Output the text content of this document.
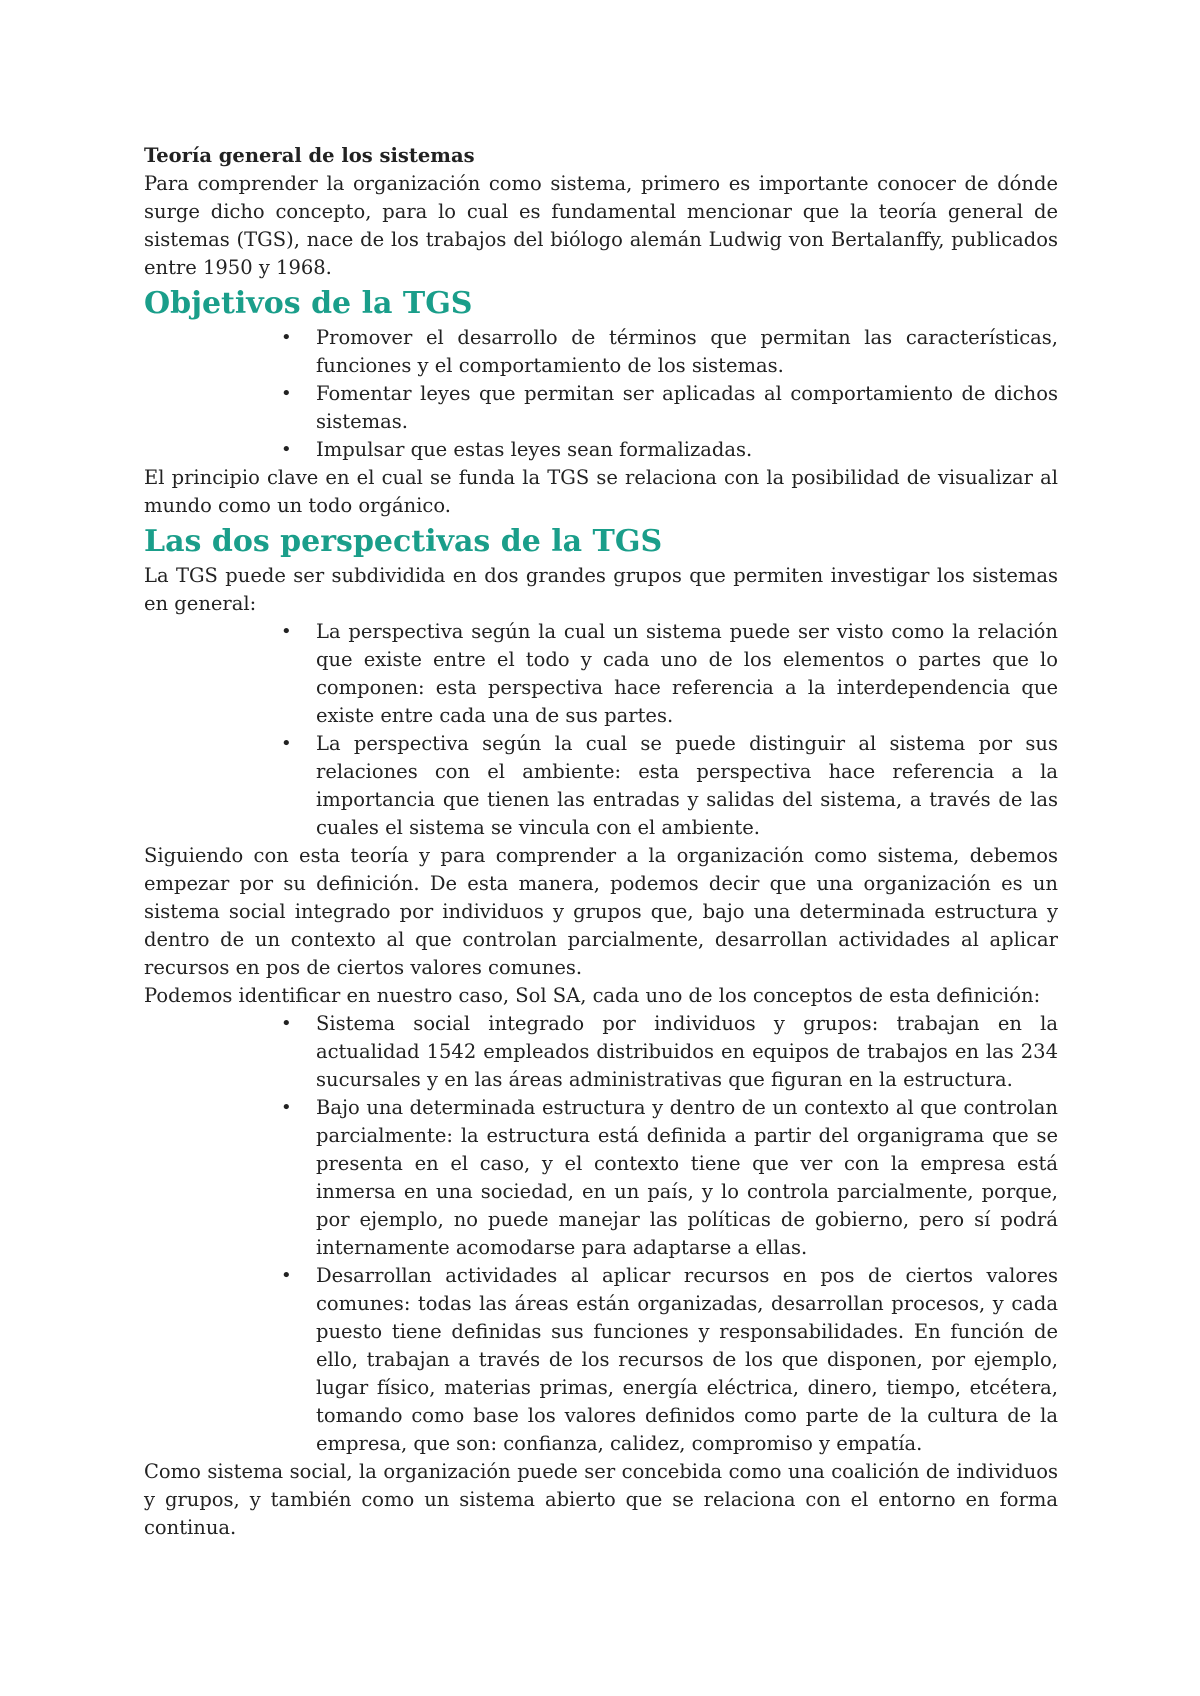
Teoría general de los sistemas

Para comprender la organización como sistema, primero es importante conocer de dónde surge dicho concepto, para lo cual es fundamental mencionar que la teoría general de sistemas (TGS), nace de los trabajos del biólogo alemán Ludwig von Bertalanffy, publicados entre 1950 y 1968.

Objetivos de la TGS
• Promover el desarrollo de términos que permitan las características, funciones y el comportamiento de los sistemas.
• Fomentar leyes que permitan ser aplicadas al comportamiento de dichos sistemas.
• Impulsar que estas leyes sean formalizadas.

El principio clave en el cual se funda la TGS se relaciona con la posibilidad de visualizar al mundo como un todo orgánico.

Las dos perspectivas de la TGS

La TGS puede ser subdividida en dos grandes grupos que permiten investigar los sistemas en general:

• La perspectiva según la cual un sistema puede ser visto como la relación que existe entre el todo y cada uno de los elementos o partes que lo componen: esta perspectiva hace referencia a la interdependencia que existe entre cada una de sus partes.
• La perspectiva según la cual se puede distinguir al sistema por sus relaciones con el ambiente: esta perspectiva hace referencia a la importancia que tienen las entradas y salidas del sistema, a través de las cuales el sistema se vincula con el ambiente.

Siguiendo con esta teoría y para comprender a la organización como sistema, debemos empezar por su definición. De esta manera, podemos decir que una organización es un sistema social integrado por individuos y grupos que, bajo una determinada estructura y dentro de un contexto al que controlan parcialmente, desarrollan actividades al aplicar recursos en pos de ciertos valores comunes.

Podemos identificar en nuestro caso, Sol SA, cada uno de los conceptos de esta definición:

• Sistema social integrado por individuos y grupos: trabajan en la actualidad 1542 empleados distribuidos en equipos de trabajos en las 234 sucursales y en las áreas administrativas que figuran en la estructura.
• Bajo una determinada estructura y dentro de un contexto al que controlan parcialmente: la estructura está definida a partir del organigrama que se presenta en el caso, y el contexto tiene que ver con la empresa está inmersa en una sociedad, en un país, y lo controla parcialmente, porque, por ejemplo, no puede manejar las políticas de gobierno, pero sí podrá internamente acomodarse para adaptarse a ellas.
• Desarrollan actividades al aplicar recursos en pos de ciertos valores comunes: todas las áreas están organizadas, desarrollan procesos, y cada puesto tiene definidas sus funciones y responsabilidades. En función de ello, trabajan a través de los recursos de los que disponen, por ejemplo, lugar físico, materias primas, energía eléctrica, dinero, tiempo, etcétera, tomando como base los valores definidos como parte de la cultura de la empresa, que son: confianza, calidez, compromiso y empatía.

Como sistema social, la organización puede ser concebida como una coalición de individuos y grupos, y también como un sistema abierto que se relaciona con el entorno en forma continua.
